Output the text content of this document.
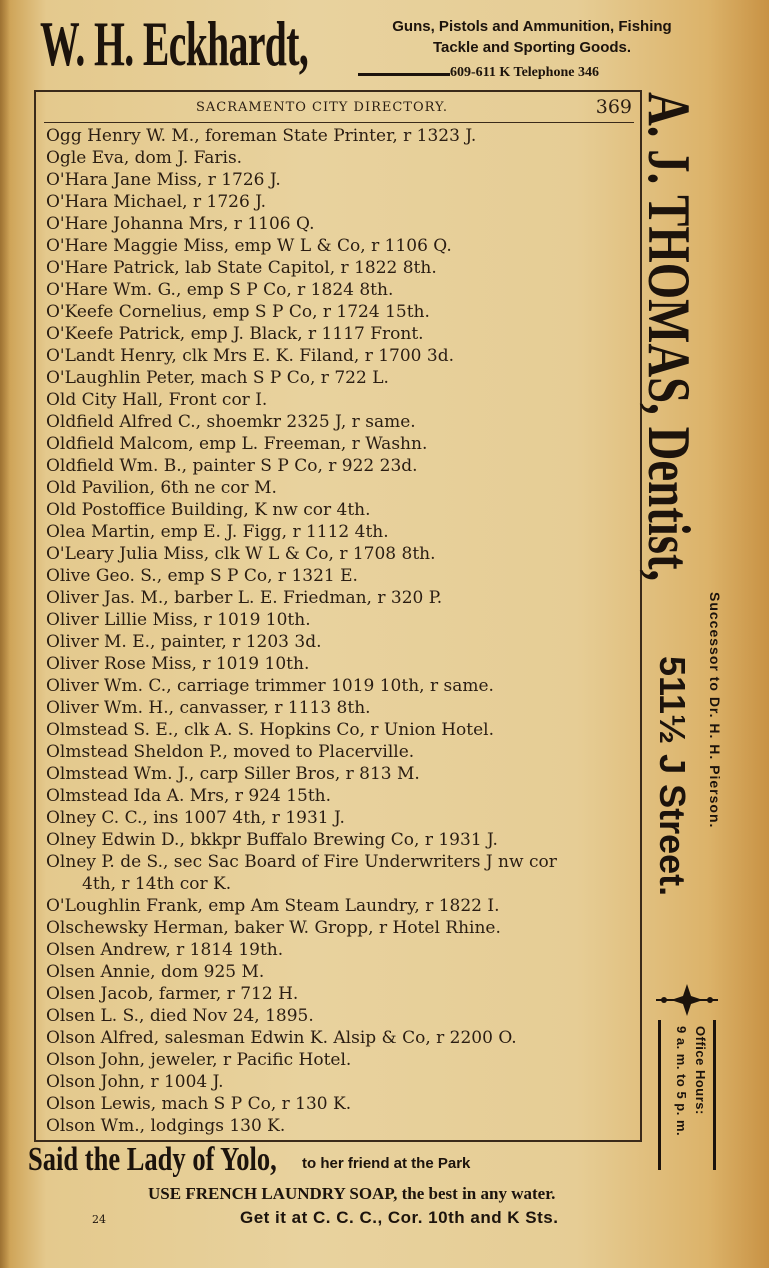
W. H. Eckhardt,	Guns, Pistols and Ammunition, Fishing
Tackle and Sporting Goods.
609-611 K Telephone 346
SACRAMENTO CITY DIRECTORY.	369
Ogg Henry W. M., foreman State Printer, r 1323 J.
Ogle Eva, dom J. Faris.
O'Hara Jane Miss, r 1726 J.
O'Hara Michael, r 1726 J.
O'Hare Johanna Mrs, r 1106 Q.
O'Hare Maggie Miss, emp W L & Co, r 1106 Q.
O'Hare Patrick, lab State Capitol, r 1822 8th.
O'Hare Wm. G., emp S P Co, r 1824 8th.
O'Keefe Cornelius, emp S P Co, r 1724 15th.
O'Keefe Patrick, emp J. Black, r 1117 Front.
O'Landt Henry, clk Mrs E. K. Filand, r 1700 3d.
O'Laughlin Peter, mach S P Co, r 722 L.
Old City Hall, Front cor I.
Oldfield Alfred C., shoemkr 2325 J, r same.
Oldfield Malcom, emp L. Freeman, r Washn.
Oldfield Wm. B., painter S P Co, r 922 23d.
Old Pavilion, 6th ne cor M.
Old Postoffice Building, K nw cor 4th.
Olea Martin, emp E. J. Figg, r 1112 4th.
O'Leary Julia Miss, clk W L & Co, r 1708 8th.
Olive Geo. S., emp S P Co, r 1321 E.
Oliver Jas. M., barber L. E. Friedman, r 320 P.
Oliver Lillie Miss, r 1019 10th.
Oliver M. E., painter, r 1203 3d.
Oliver Rose Miss, r 1019 10th.
Oliver Wm. C., carriage trimmer 1019 10th, r same.
Oliver Wm. H., canvasser, r 1113 8th.
Olmstead S. E., clk A. S. Hopkins Co, r Union Hotel.
Olmstead Sheldon P., moved to Placerville.
Olmstead Wm. J., carp Siller Bros, r 813 M.
Olmstead Ida A. Mrs, r 924 15th.
Olney C. C., ins 1007 4th, r 1931 J.
Olney Edwin D., bkkpr Buffalo Brewing Co, r 1931 J.
Olney P. de S., sec Sac Board of Fire Underwriters J nw cor
4th, r 14th cor K.
O'Loughlin Frank, emp Am Steam Laundry, r 1822 I.
Olschewsky Herman, baker W. Gropp, r Hotel Rhine.
Olsen Andrew, r 1814 19th.
Olsen Annie, dom 925 M.
Olsen Jacob, farmer, r 712 H.
Olsen L. S., died Nov 24, 1895.
Olson Alfred, salesman Edwin K. Alsip & Co, r 2200 O.
Olson John, jeweler, r Pacific Hotel.
Olson John, r 1004 J.
Olson Lewis, mach S P Co, r 130 K.
Olson Wm., lodgings 130 K.
A. J. THOMAS, Dentist,
Successor to Dr. H. H. Pierson.
511½ J Street.
Office Hours:
9 a. m. to 5 p. m.
Said the Lady of Yolo, to her friend at the Park
USE FRENCH LAUNDRY SOAP, the best in any water.
24	Get it at C. C. C., Cor. 10th and K Sts.
